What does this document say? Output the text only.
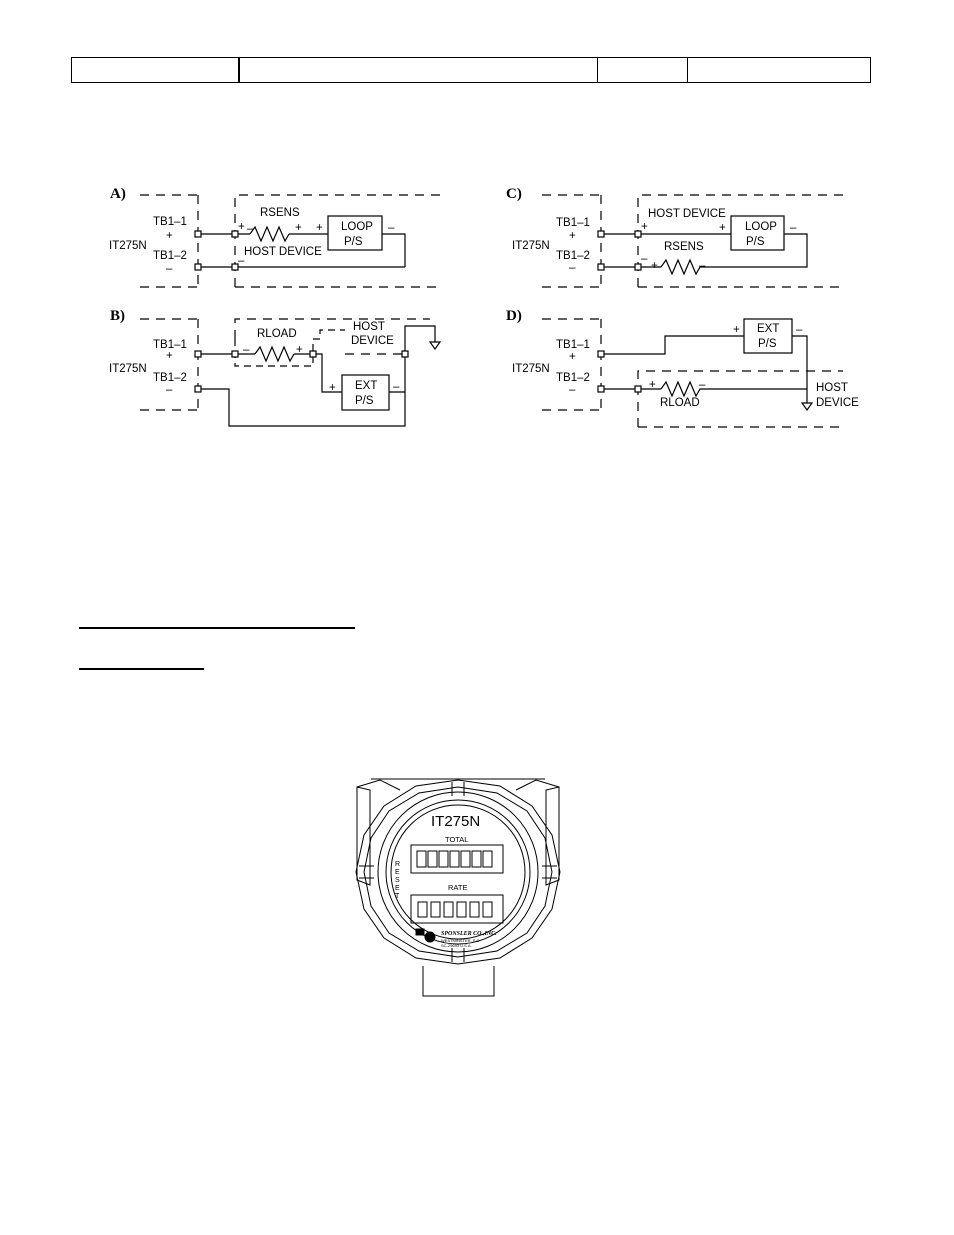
A)
TB1–1
+
IT275N
TB1–2
–
RSENS
+ –	+ +
–
HOST DEVICE
LOOP
P/S
–
B)
TB1–1
+
IT275N
TB1–2
–
RLOAD
–	+
HOST
DEVICE
+ EXT
P/S
–
C)
TB1–1
+
IT275N
TB1–2
–
+
HOST DEVICE
+ LOOP
P/S
–
RSENS
–
+	–
D)
TB1–1
+
IT275N
TB1–2
–
+ EXT
P/S
–
+	–
RLOAD
HOST
DEVICE
IT275N
TOTAL
RATE
R
E
S
E
T
SPONSLER CO.,INC.
WESTMINSTER, S.C.
SC-29693 U.S.A.
